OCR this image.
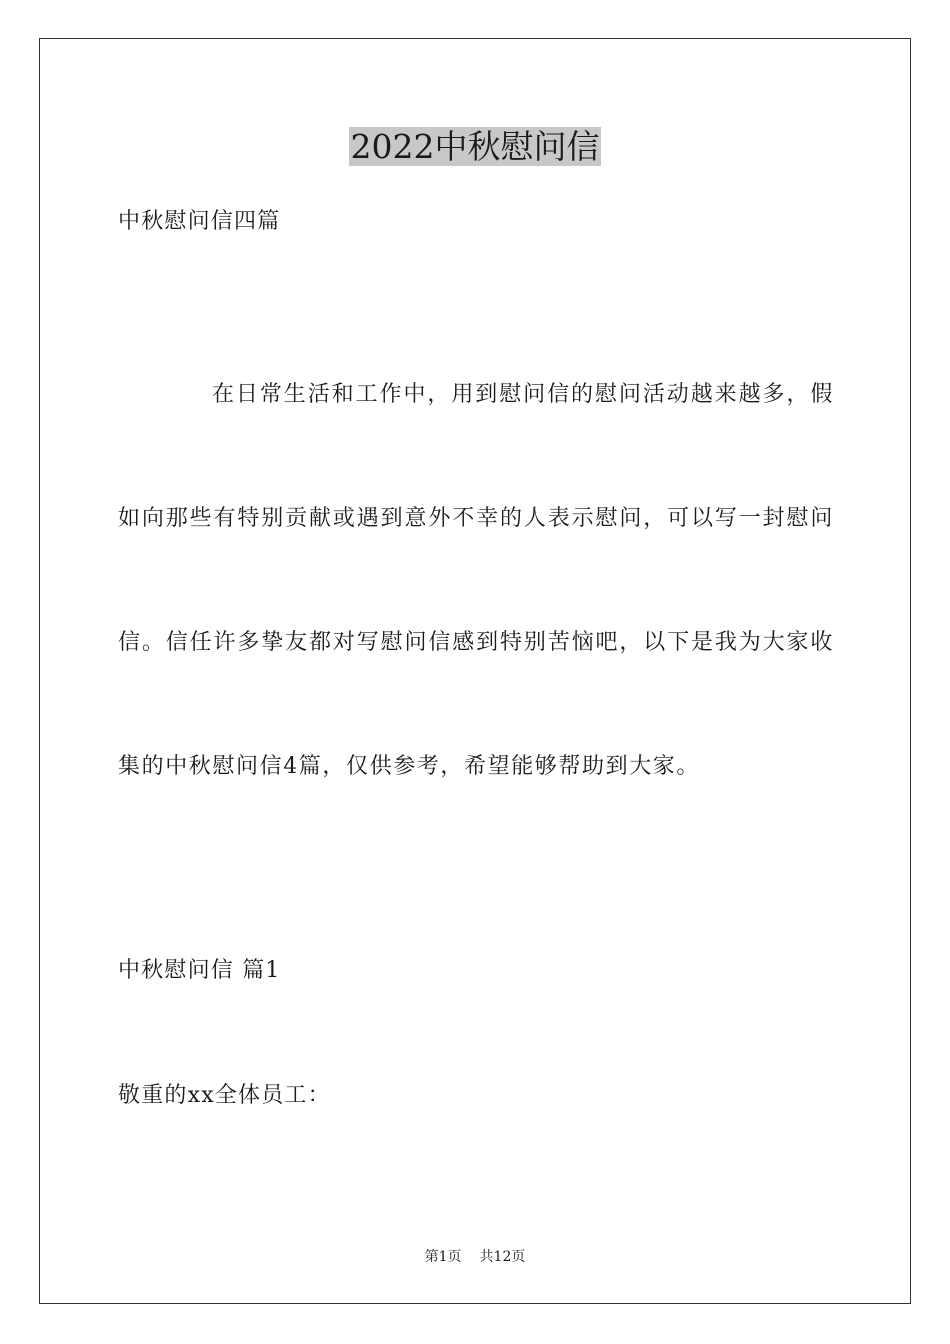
2022中秋慰问信

中秋慰问信四篇

在日常生活和工作中，用到慰问信的慰问活动越来越多，假如向那些有特别贡献或遇到意外不幸的人表示慰问，可以写一封慰问信。信任许多挚友都对写慰问信感到特别苦恼吧，以下是我为大家收集的中秋慰问信4篇，仅供参考，希望能够帮助到大家。

中秋慰问信 篇1

敬重的xx全体员工：

第1页 共12页
